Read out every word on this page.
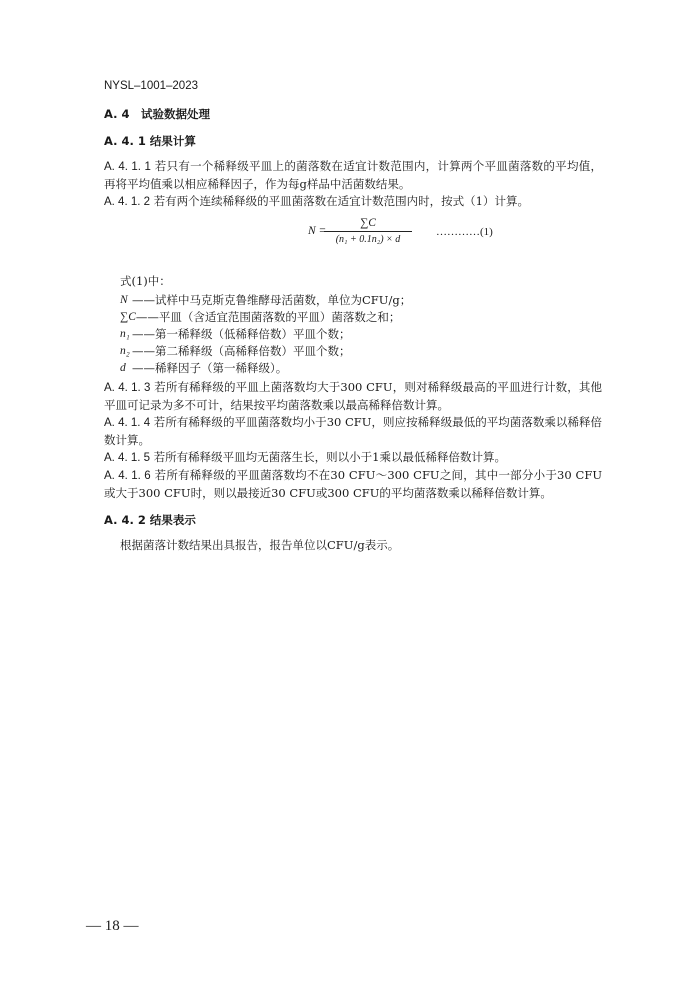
NYSL–1001–2023
A. 4　试验数据处理
A. 4. 1 结果计算

A. 4. 1. 1 若只有一个稀释级平皿上的菌落数在适宜计数范围内，计算两个平皿菌落数的平均值，再将平均值乘以相应稀释因子，作为每g样品中活菌数结果。

A. 4. 1. 2 若有两个连续稀释级的平皿菌落数在适宜计数范围内时，按式（1）计算。

N =
∑C
(n₁ + 0.1n₂) × d
…………(1)
式(1)中：
N ——试样中马克斯克鲁维酵母活菌数，单位为CFU/g；
∑C ——平皿（含适宜范围菌落数的平皿）菌落数之和；
n₁ ——第一稀释级（低稀释倍数）平皿个数；
n₂ ——第二稀释级（高稀释倍数）平皿个数；
d ——稀释因子（第一稀释级）。

A. 4. 1. 3 若所有稀释级的平皿上菌落数均大于300 CFU，则对稀释级最高的平皿进行计数，其他平皿可记录为多不可计，结果按平均菌落数乘以最高稀释倍数计算。

A. 4. 1. 4 若所有稀释级的平皿菌落数均小于30 CFU，则应按稀释级最低的平均菌落数乘以稀释倍数计算。

A. 4. 1. 5 若所有稀释级平皿均无菌落生长，则以小于1乘以最低稀释倍数计算。

A. 4. 1. 6 若所有稀释级的平皿菌落数均不在30 CFU～300 CFU之间，其中一部分小于30 CFU或大于300 CFU时，则以最接近30 CFU或300 CFU的平均菌落数乘以稀释倍数计算。

A. 4. 2 结果表示

根据菌落计数结果出具报告，报告单位以CFU/g表示。

— 18 —
